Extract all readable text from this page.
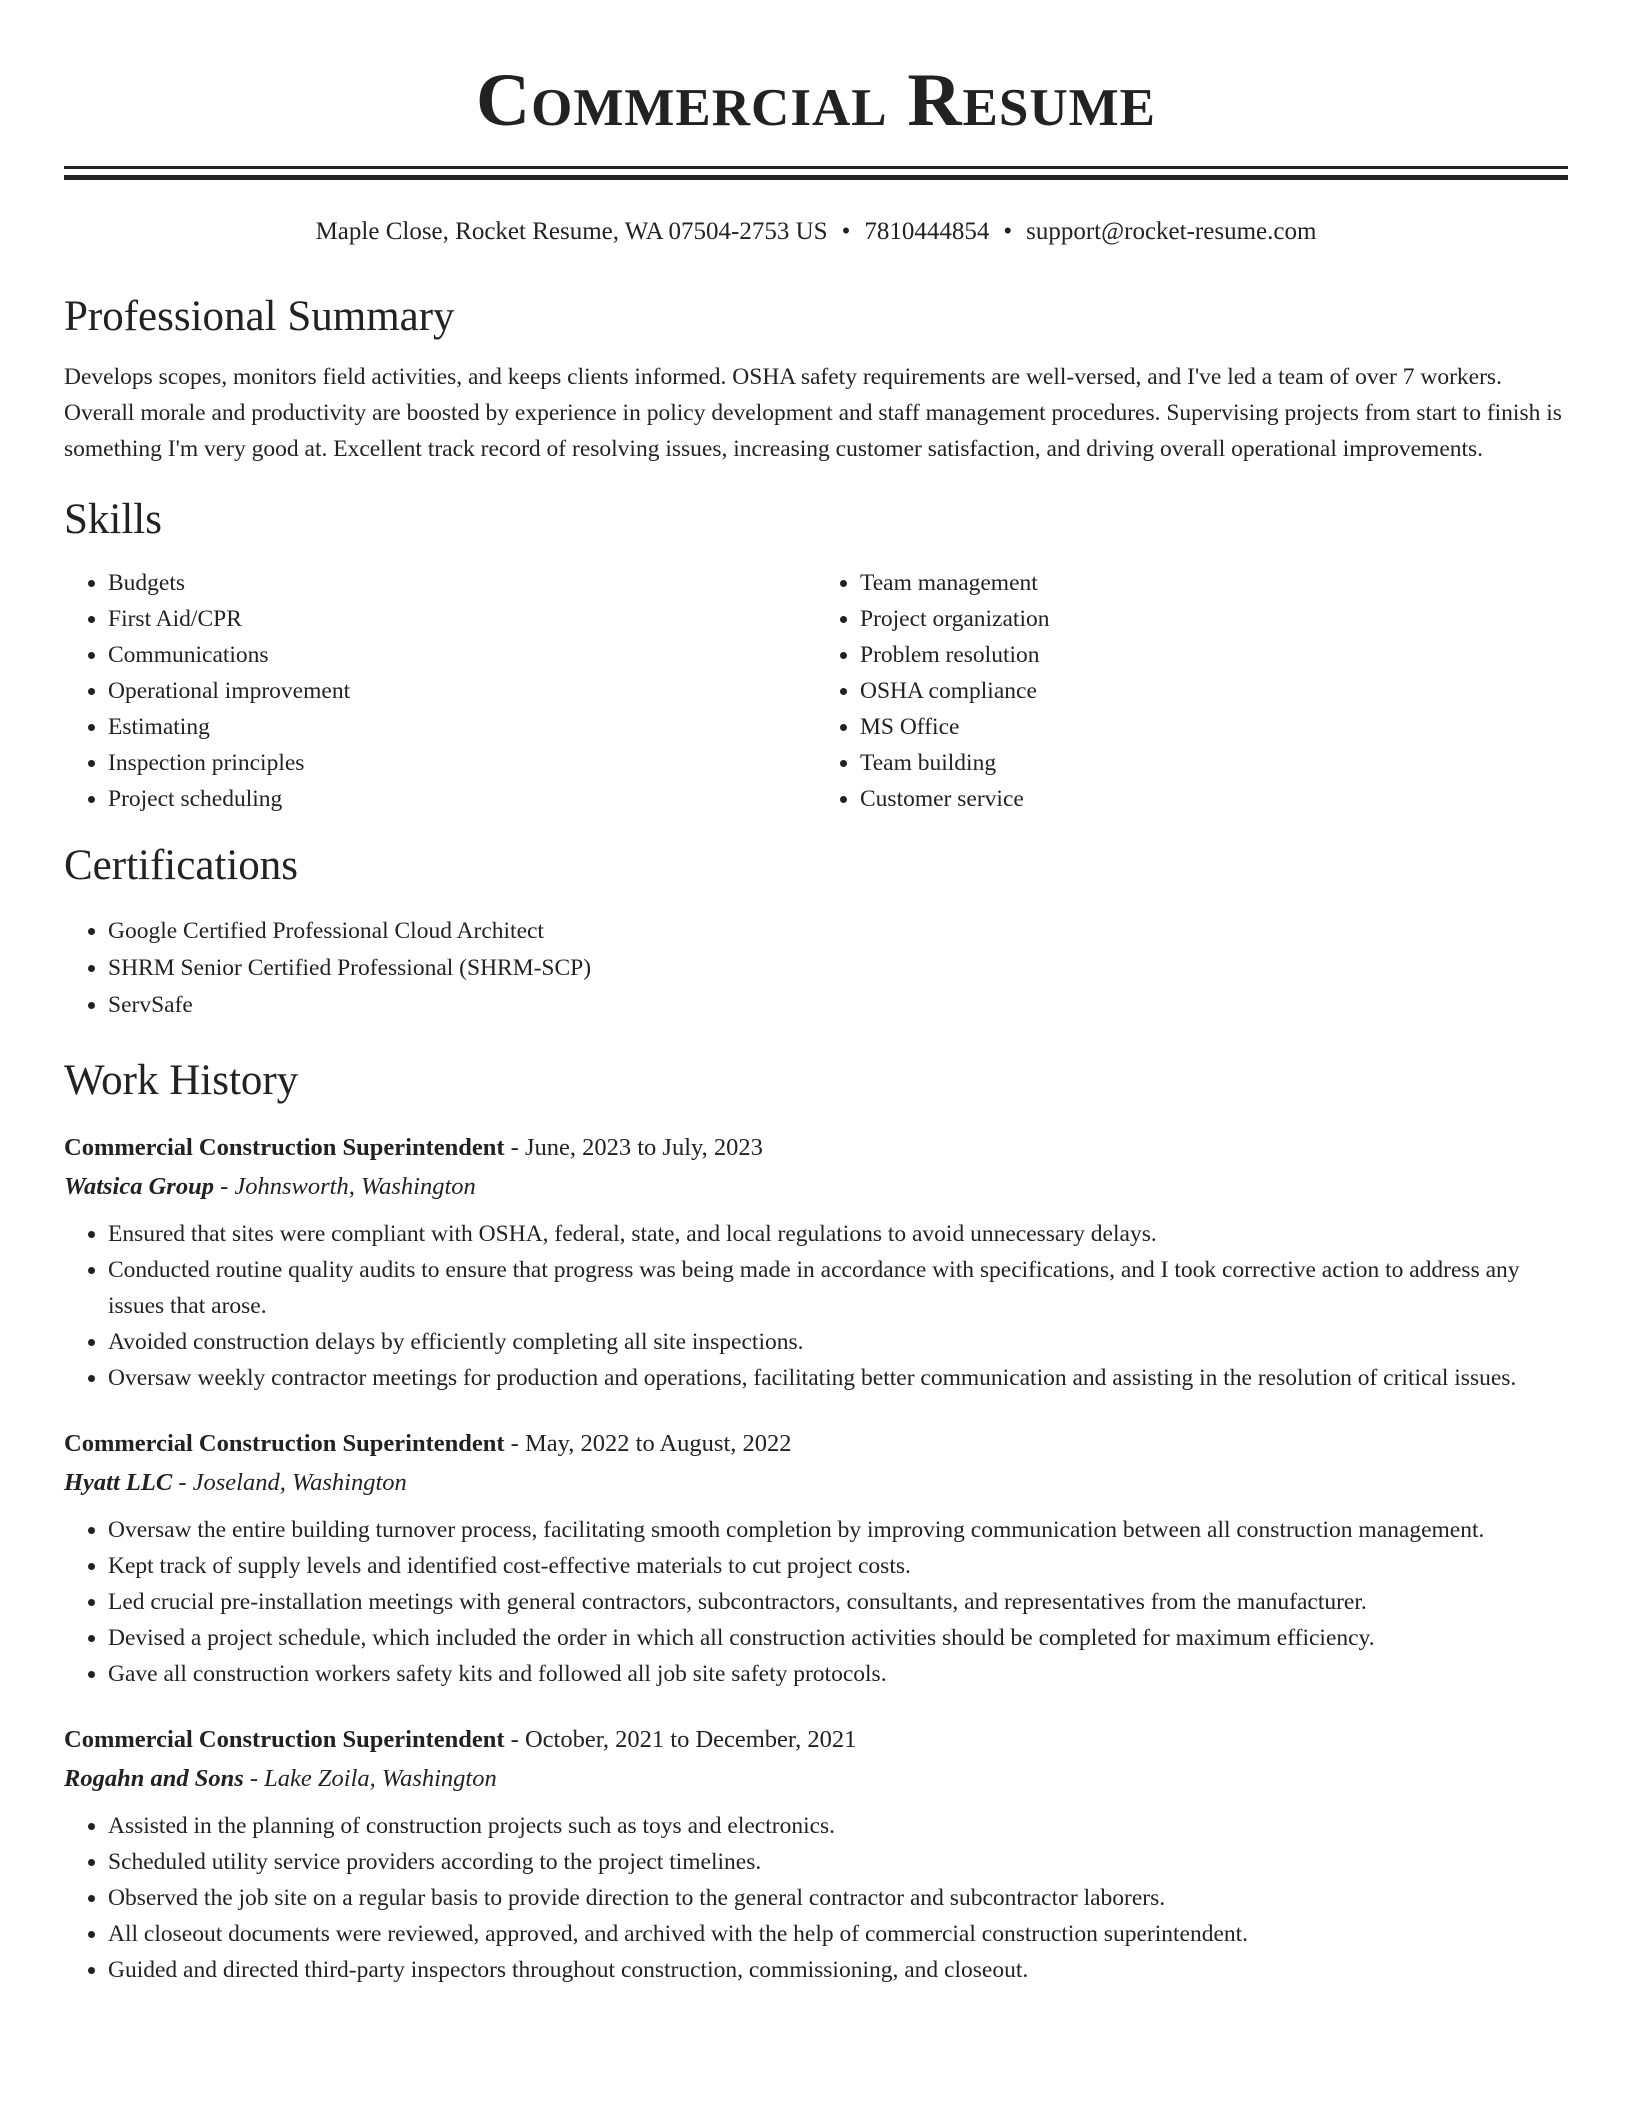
Commercial Resume
Maple Close, Rocket Resume, WA 07504-2753 US • 7810444854 • support@rocket-resume.com
Professional Summary

Develops scopes, monitors field activities, and keeps clients informed. OSHA safety requirements are well-versed, and I've led a team of over 7 workers. Overall morale and productivity are boosted by experience in policy development and staff management procedures. Supervising projects from start to finish is something I'm very good at. Excellent track record of resolving issues, increasing customer satisfaction, and driving overall operational improvements.

Skills
• Budgets
• First Aid/CPR
• Communications
• Operational improvement
• Estimating
• Inspection principles
• Project scheduling
• Team management
• Project organization
• Problem resolution
• OSHA compliance
• MS Office
• Team building
• Customer service
Certifications
• Google Certified Professional Cloud Architect
• SHRM Senior Certified Professional (SHRM-SCP)
• ServSafe
Work History
Commercial Construction Superintendent - June, 2023 to July, 2023
Watsica Group - Johnsworth, Washington
• Ensured that sites were compliant with OSHA, federal, state, and local regulations to avoid unnecessary delays.
• Conducted routine quality audits to ensure that progress was being made in accordance with specifications, and I took corrective action to address any issues that arose.
• Avoided construction delays by efficiently completing all site inspections.
• Oversaw weekly contractor meetings for production and operations, facilitating better communication and assisting in the resolution of critical issues.
Commercial Construction Superintendent - May, 2022 to August, 2022
Hyatt LLC - Joseland, Washington
• Oversaw the entire building turnover process, facilitating smooth completion by improving communication between all construction management.
• Kept track of supply levels and identified cost-effective materials to cut project costs.
• Led crucial pre-installation meetings with general contractors, subcontractors, consultants, and representatives from the manufacturer.
• Devised a project schedule, which included the order in which all construction activities should be completed for maximum efficiency.
• Gave all construction workers safety kits and followed all job site safety protocols.
Commercial Construction Superintendent - October, 2021 to December, 2021
Rogahn and Sons - Lake Zoila, Washington
• Assisted in the planning of construction projects such as toys and electronics.
• Scheduled utility service providers according to the project timelines.
• Observed the job site on a regular basis to provide direction to the general contractor and subcontractor laborers.
• All closeout documents were reviewed, approved, and archived with the help of commercial construction superintendent.
• Guided and directed third-party inspectors throughout construction, commissioning, and closeout.
